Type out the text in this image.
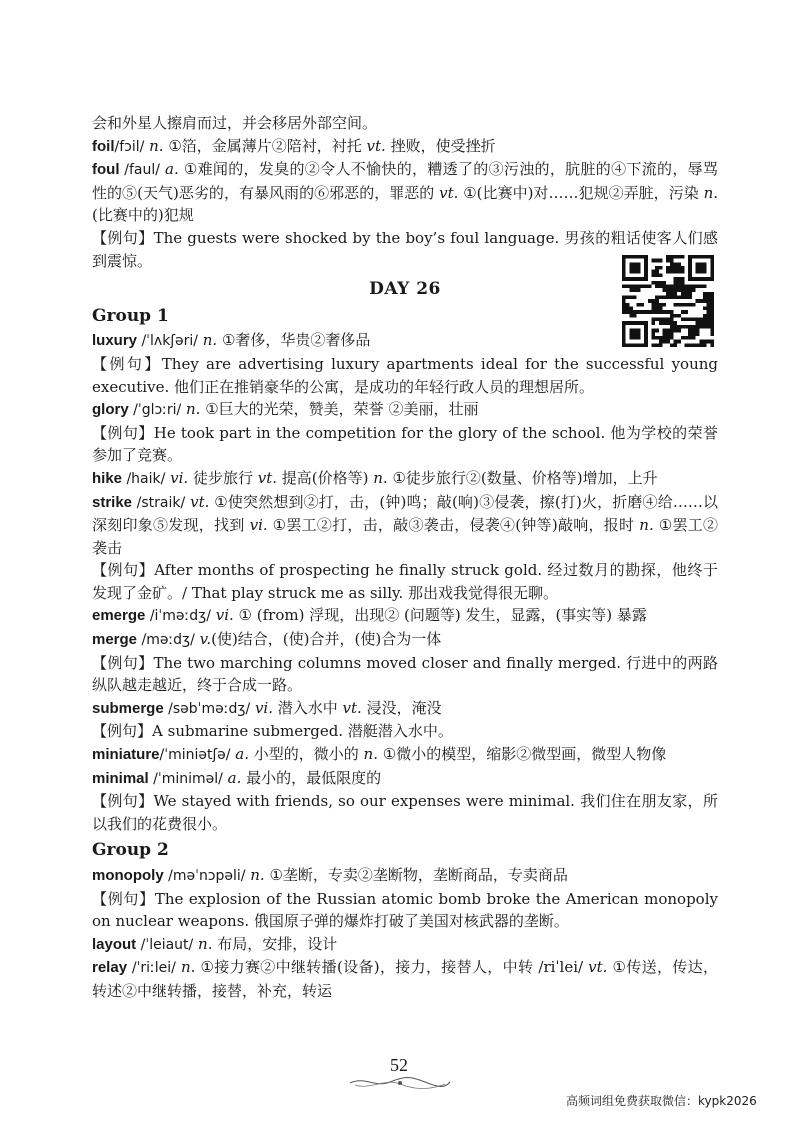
会和外星人擦肩而过，并会移居外部空间。

foil/fɔil/ n. ①箔，金属薄片②陪衬，衬托 vt. 挫败，使受挫折

foul /faul/ a. ①难闻的，发臭的②令人不愉快的，糟透了的③污浊的，肮脏的④下流的，辱骂性的⑤(天气)恶劣的，有暴风雨的⑥邪恶的，罪恶的 vt. ①(比赛中)对……犯规②弄脏，污染 n.(比赛中的)犯规

【例句】The guests were shocked by the boy’s foul language. 男孩的粗话使客人们感到震惊。

DAY 26
Group 1

luxury /ˈlʌkʃəri/ n. ①奢侈，华贵②奢侈品

【例句】They are advertising luxury apartments ideal for the successful young executive. 他们正在推销豪华的公寓，是成功的年轻行政人员的理想居所。

glory /ˈglɔːri/ n. ①巨大的光荣，赞美，荣誉 ②美丽，壮丽

【例句】He took part in the competition for the glory of the school. 他为学校的荣誉参加了竞赛。

hike /haik/ vi. 徒步旅行 vt. 提高(价格等) n. ①徒步旅行②(数量、价格等)增加，上升

strike /straik/ vt. ①使突然想到②打，击，(钟)鸣；敲(响)③侵袭，擦(打)火，折磨④给……以深刻印象⑤发现，找到 vi. ①罢工②打，击，敲③袭击，侵袭④(钟等)敲响，报时 n. ①罢工②袭击

【例句】After months of prospecting he finally struck gold. 经过数月的勘探，他终于发现了金矿。/ That play struck me as silly. 那出戏我觉得很无聊。

emerge /iˈməːdʒ/ vi. ① (from) 浮现，出现② (问题等) 发生，显露，(事实等) 暴露

merge /məːdʒ/ v.(使)结合，(使)合并，(使)合为一体

【例句】The two marching columns moved closer and finally merged. 行进中的两路纵队越走越近，终于合成一路。

submerge /səbˈməːdʒ/ vi. 潜入水中 vt. 浸没，淹没

【例句】A submarine submerged. 潜艇潜入水中。

miniature/ˈminiətʃə/ a. 小型的，微小的 n. ①微小的模型，缩影②微型画，微型人物像

minimal /ˈminiməl/ a. 最小的，最低限度的

【例句】We stayed with friends, so our expenses were minimal. 我们住在朋友家，所以我们的花费很小。

Group 2

monopoly /məˈnɔpəli/ n. ①垄断，专卖②垄断物，垄断商品，专卖商品

【例句】The explosion of the Russian atomic bomb broke the American monopoly on nuclear weapons. 俄国原子弹的爆炸打破了美国对核武器的垄断。

layout /ˈleiaut/ n. 布局，安排，设计

relay /ˈriːlei/ n. ①接力赛②中继转播(设备)，接力，接替人，中转 /riˈlei/ vt. ①传送，传达，转述②中继转播，接替，补充，转运

52
高频词组免费获取微信：kypk2026
